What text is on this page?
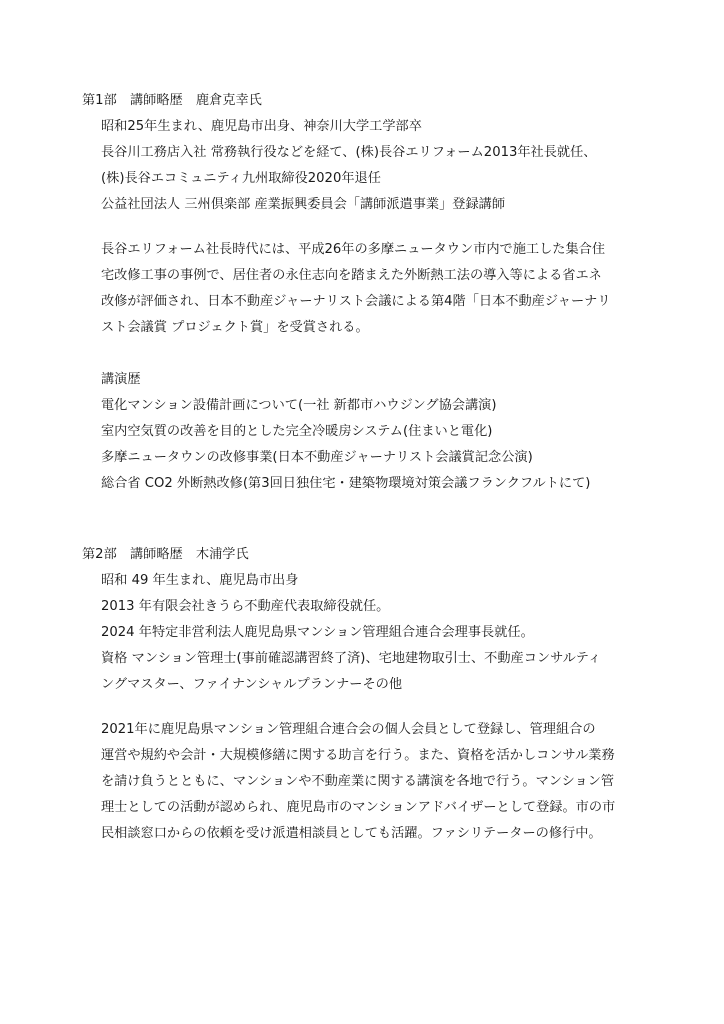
第1部　講師略歴　鹿倉克幸氏
昭和25年生まれ、鹿児島市出身、神奈川大学工学部卒
長谷川工務店入社 常務執行役などを経て、(株)長谷エリフォーム2013年社長就任、
(株)長谷エコミュニティ九州取締役2020年退任
公益社団法人 三州倶楽部 産業振興委員会「講師派遣事業」登録講師
長谷エリフォーム社長時代には、平成26年の多摩ニュータウン市内で施工した集合住
宅改修工事の事例で、居住者の永住志向を踏まえた外断熱工法の導入等による省エネ
改修が評価され、日本不動産ジャーナリスト会議による第4階「日本不動産ジャーナリ
スト会議賞 プロジェクト賞」を受賞される。
講演歴
電化マンション設備計画について(一社 新都市ハウジング協会講演)
室内空気質の改善を目的とした完全冷暖房システム(住まいと電化)
多摩ニュータウンの改修事業(日本不動産ジャーナリスト会議賞記念公演)
総合省 CO2 外断熱改修(第3回日独住宅・建築物環境対策会議フランクフルトにて)
第2部　講師略歴　木浦学氏
昭和 49 年生まれ、鹿児島市出身
2013 年有限会社きうら不動産代表取締役就任。
2024 年特定非営利法人鹿児島県マンション管理組合連合会理事長就任。
資格 マンション管理士(事前確認講習終了済)、宅地建物取引士、不動産コンサルティ
ングマスター、ファイナンシャルプランナーその他
2021年に鹿児島県マンション管理組合連合会の個人会員として登録し、管理組合の
運営や規約や会計・大規模修繕に関する助言を行う。また、資格を活かしコンサル業務
を請け負うとともに、マンションや不動産業に関する講演を各地で行う。マンション管
理士としての活動が認められ、鹿児島市のマンションアドバイザーとして登録。市の市
民相談窓口からの依頼を受け派遣相談員としても活躍。ファシリテーターの修行中。
